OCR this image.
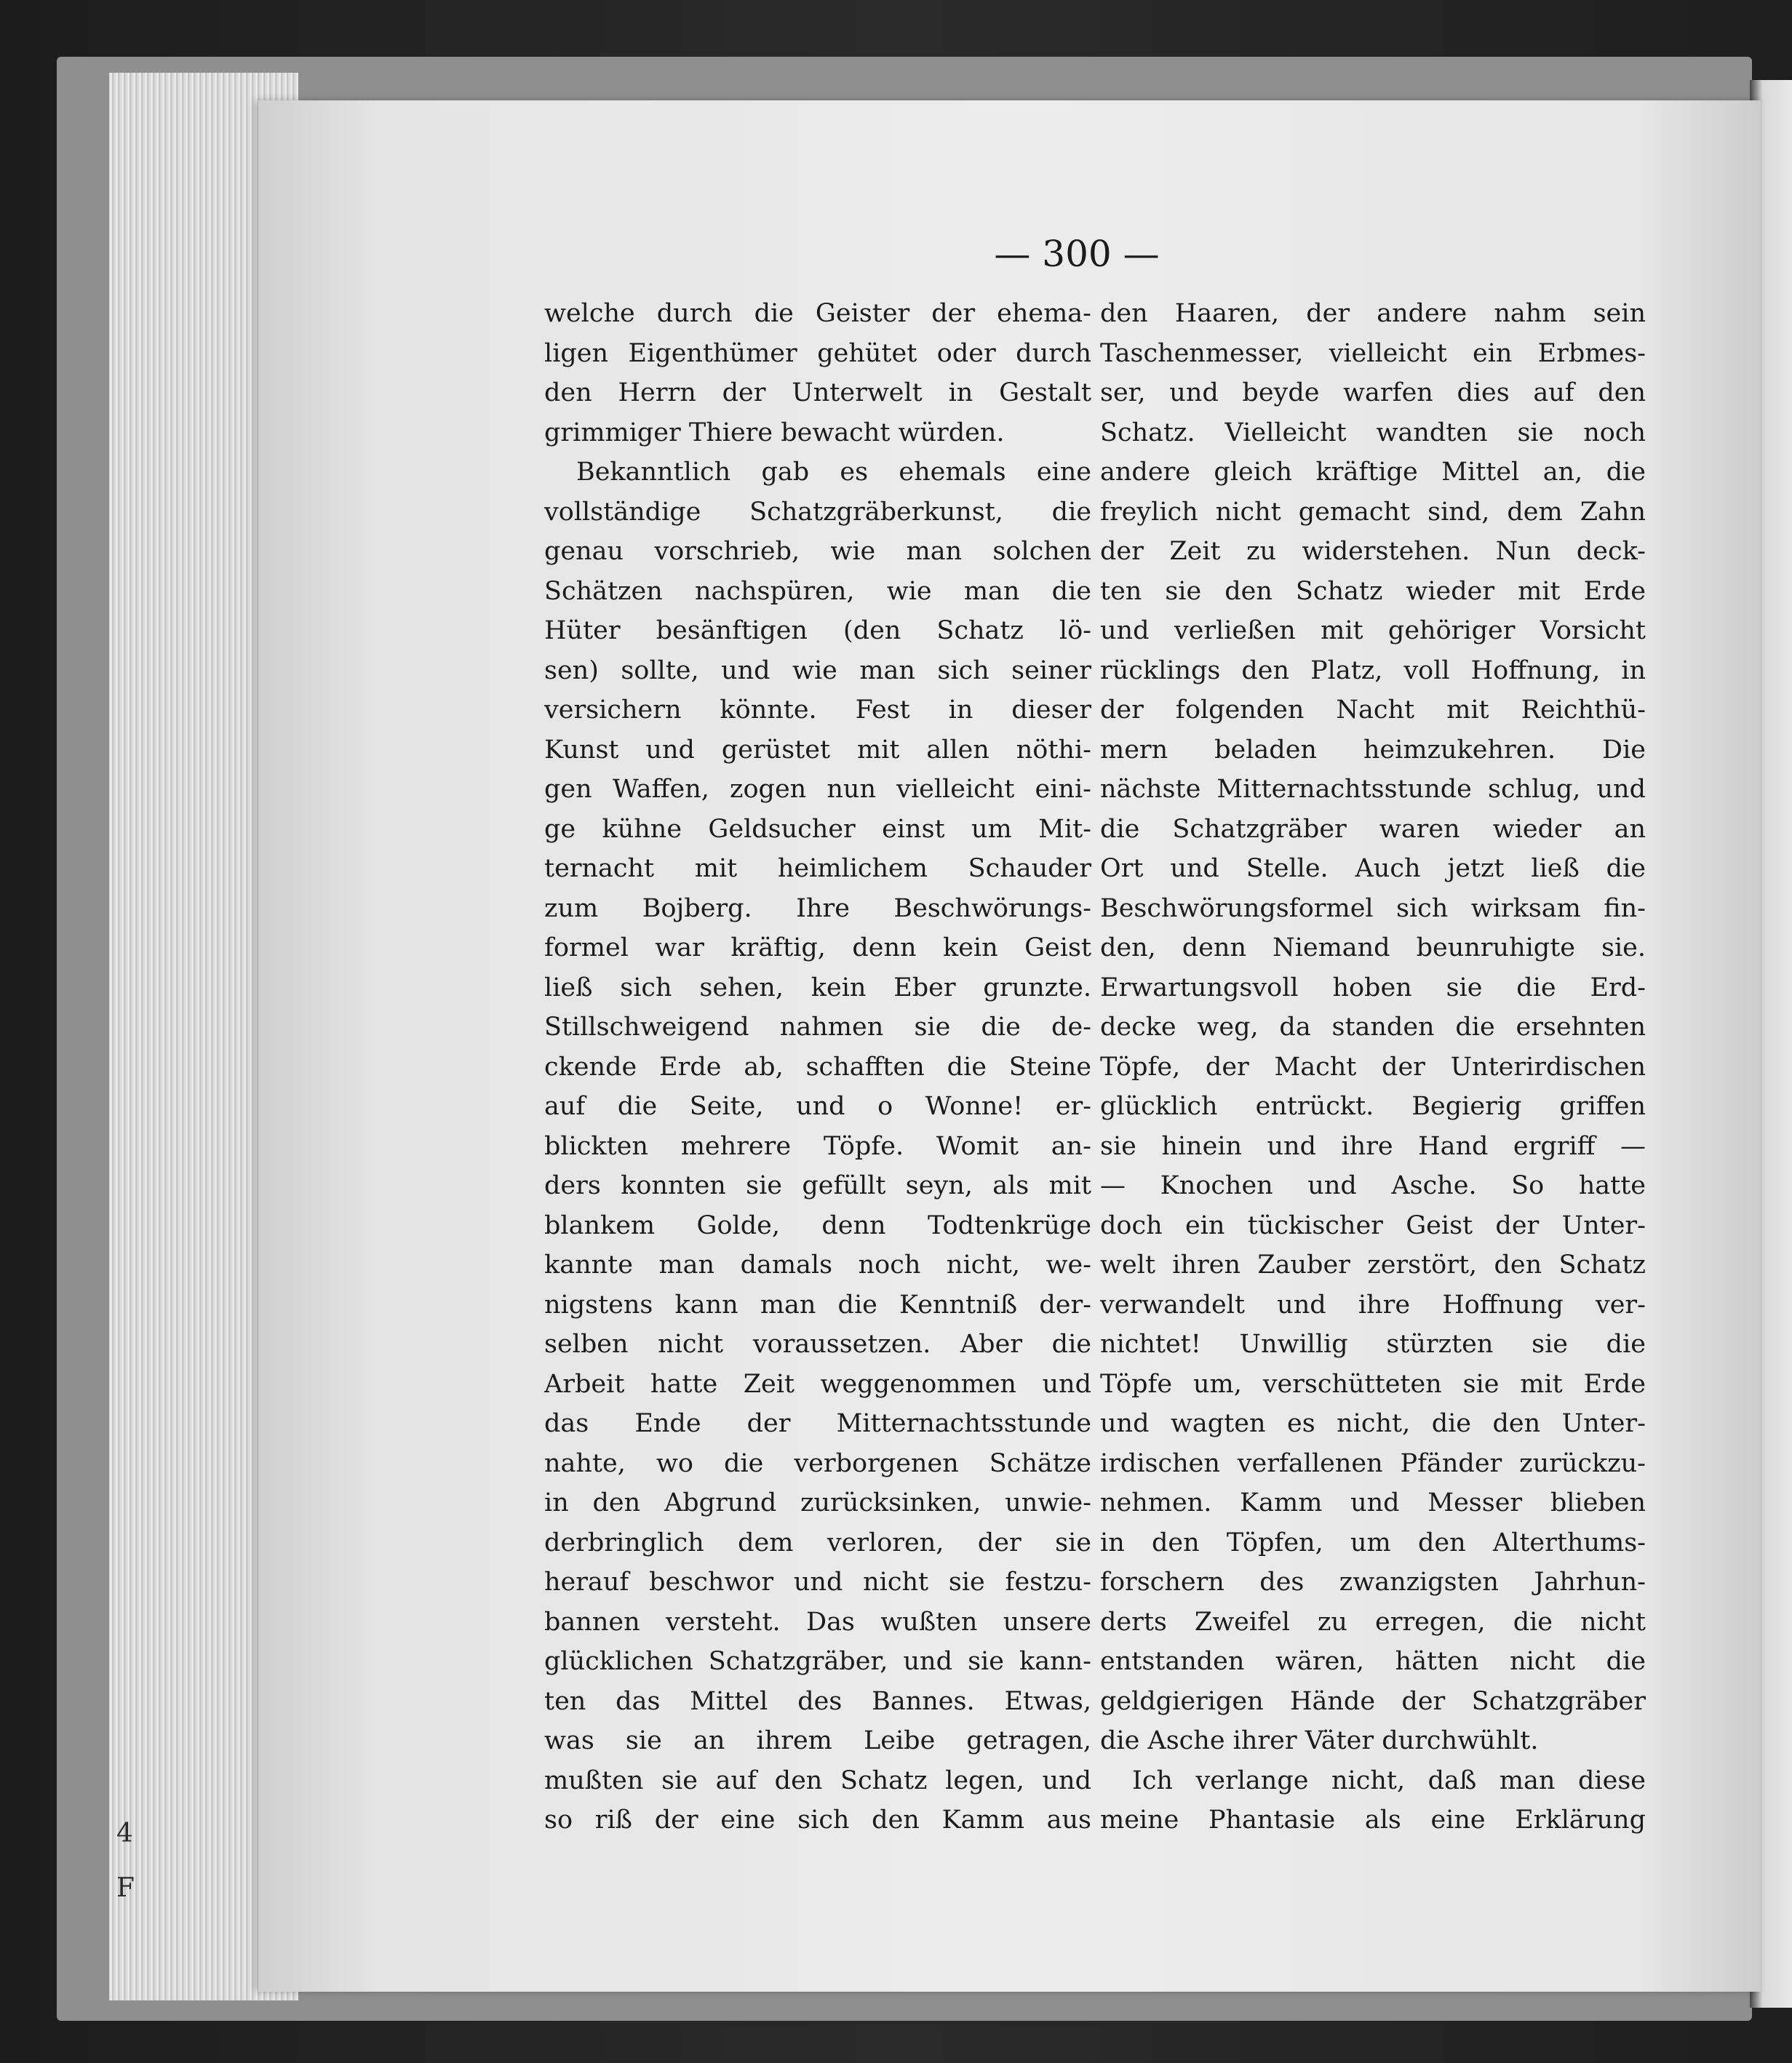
4
F
— 300 —
welche durch die Geister der ehema-
ligen Eigenthümer gehütet oder durch
den Herrn der Unterwelt in Gestalt
grimmiger Thiere bewacht würden.
Bekanntlich gab es ehemals eine
vollständige Schatzgräberkunst, die
genau vorschrieb, wie man solchen
Schätzen nachspüren, wie man die
Hüter besänftigen (den Schatz lö-
sen) sollte, und wie man sich seiner
versichern könnte. Fest in dieser
Kunst und gerüstet mit allen nöthi-
gen Waffen, zogen nun vielleicht eini-
ge kühne Geldsucher einst um Mit-
ternacht mit heimlichem Schauder
zum Bojberg. Ihre Beschwörungs-
formel war kräftig, denn kein Geist
ließ sich sehen, kein Eber grunzte.
Stillschweigend nahmen sie die de-
ckende Erde ab, schafften die Steine
auf die Seite, und o Wonne! er-
blickten mehrere Töpfe. Womit an-
ders konnten sie gefüllt seyn, als mit
blankem Golde, denn Todtenkrüge
kannte man damals noch nicht, we-
nigstens kann man die Kenntniß der-
selben nicht voraussetzen. Aber die
Arbeit hatte Zeit weggenommen und
das Ende der Mitternachtsstunde
nahte, wo die verborgenen Schätze
in den Abgrund zurücksinken, unwie-
derbringlich dem verloren, der sie
herauf beschwor und nicht sie festzu-
bannen versteht. Das wußten unsere
glücklichen Schatzgräber, und sie kann-
ten das Mittel des Bannes. Etwas,
was sie an ihrem Leibe getragen,
mußten sie auf den Schatz legen, und
so riß der eine sich den Kamm aus
den Haaren, der andere nahm sein
Taschenmesser, vielleicht ein Erbmes-
ser, und beyde warfen dies auf den
Schatz. Vielleicht wandten sie noch
andere gleich kräftige Mittel an, die
freylich nicht gemacht sind, dem Zahn
der Zeit zu widerstehen. Nun deck-
ten sie den Schatz wieder mit Erde
und verließen mit gehöriger Vorsicht
rücklings den Platz, voll Hoffnung, in
der folgenden Nacht mit Reichthü-
mern beladen heimzukehren. Die
nächste Mitternachtsstunde schlug, und
die Schatzgräber waren wieder an
Ort und Stelle. Auch jetzt ließ die
Beschwörungsformel sich wirksam fin-
den, denn Niemand beunruhigte sie.
Erwartungsvoll hoben sie die Erd-
decke weg, da standen die ersehnten
Töpfe, der Macht der Unterirdischen
glücklich entrückt. Begierig griffen
sie hinein und ihre Hand ergriff —
— Knochen und Asche. So hatte
doch ein tückischer Geist der Unter-
welt ihren Zauber zerstört, den Schatz
verwandelt und ihre Hoffnung ver-
nichtet! Unwillig stürzten sie die
Töpfe um, verschütteten sie mit Erde
und wagten es nicht, die den Unter-
irdischen verfallenen Pfänder zurückzu-
nehmen. Kamm und Messer blieben
in den Töpfen, um den Alterthums-
forschern des zwanzigsten Jahrhun-
derts Zweifel zu erregen, die nicht
entstanden wären, hätten nicht die
geldgierigen Hände der Schatzgräber
die Asche ihrer Väter durchwühlt.
Ich verlange nicht, daß man diese
meine Phantasie als eine Erklärung
